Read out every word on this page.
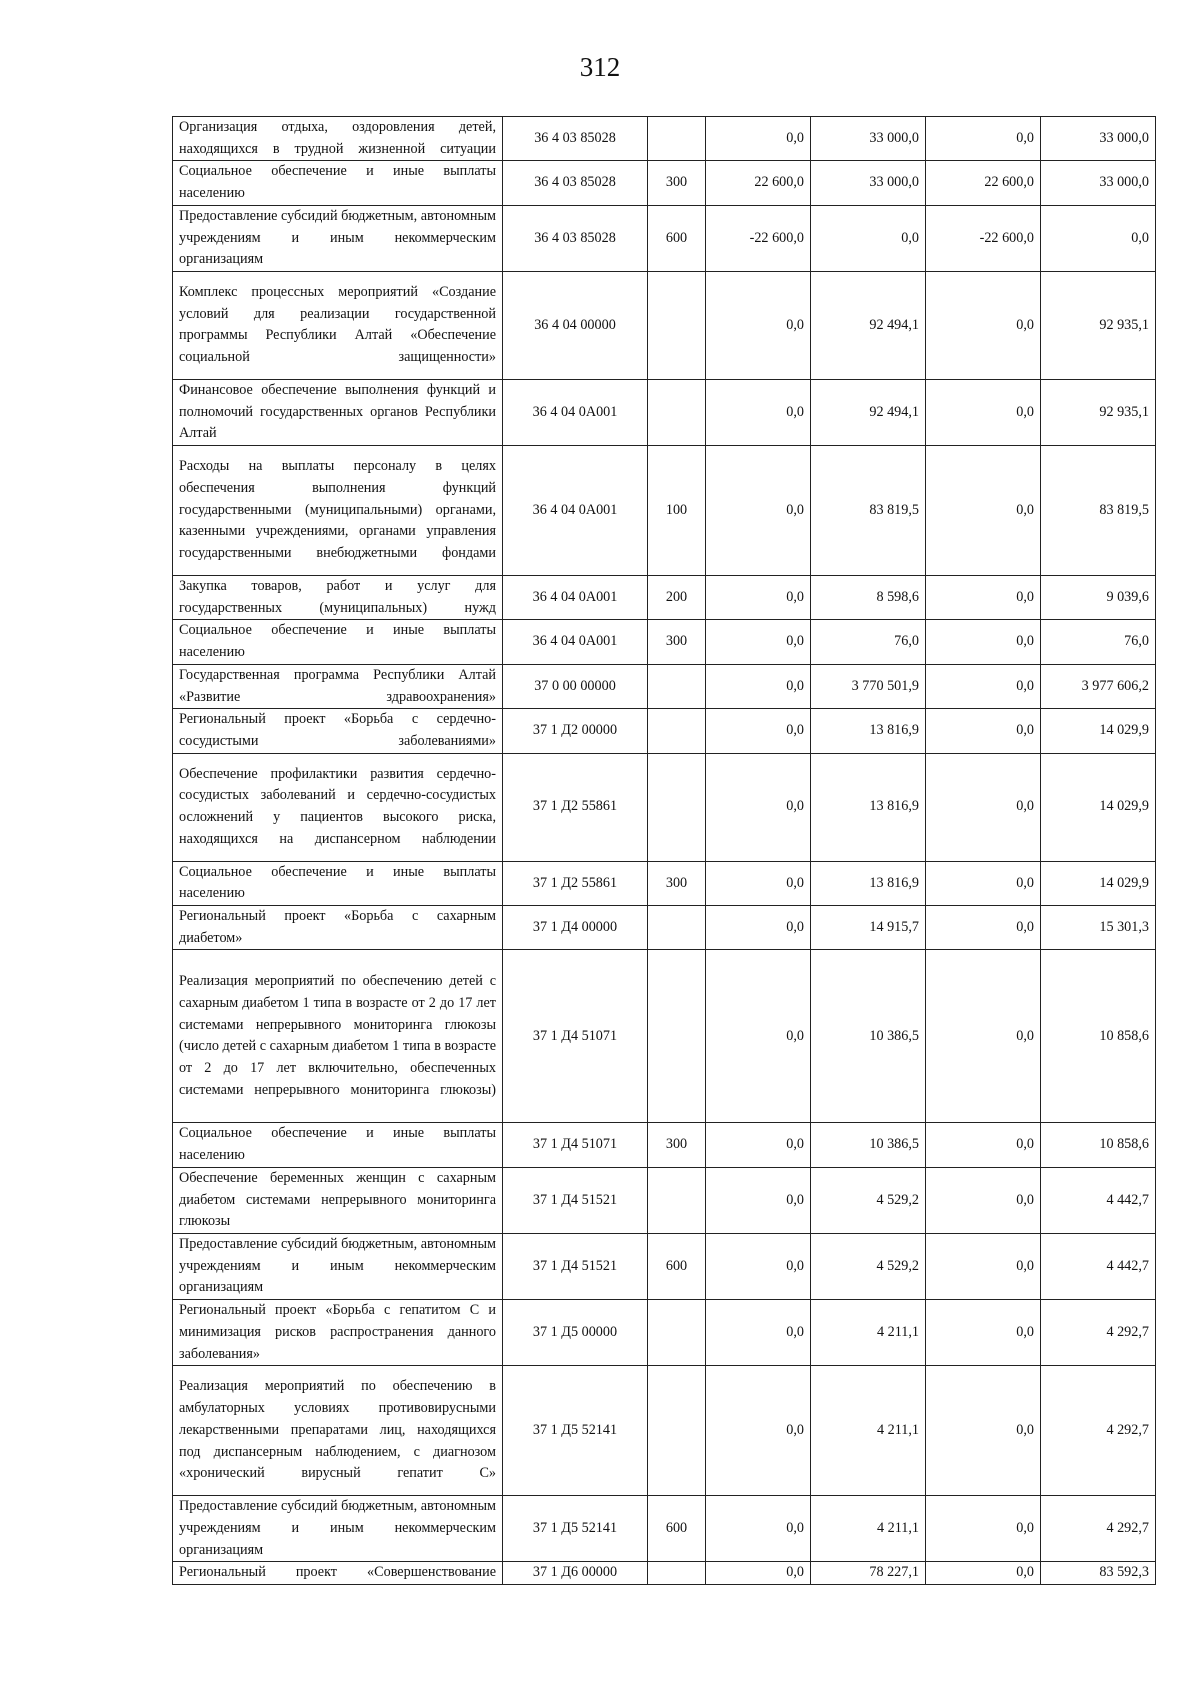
312
Организация отдыха, оздоровления детей, находящихся в трудной жизненной ситуации	36 4 03 85028		0,0	33 000,0	0,0	33 000,0
Социальное обеспечение и иные выплаты населению	36 4 03 85028	300	22 600,0	33 000,0	22 600,0	33 000,0
Предоставление субсидий бюджетным, автономным учреждениям и иным некоммерческим организациям	36 4 03 85028	600	-22 600,0	0,0	-22 600,0	0,0
Комплекс процессных мероприятий «Создание условий для реализации государственной программы Республики Алтай «Обеспечение социальной защищенности»	36 4 04 00000		0,0	92 494,1	0,0	92 935,1
Финансовое обеспечение выполнения функций и полномочий государственных органов Республики Алтай	36 4 04 0А001		0,0	92 494,1	0,0	92 935,1
Расходы на выплаты персоналу в целях обеспечения выполнения функций государственными (муниципальными) органами, казенными учреждениями, органами управления государственными внебюджетными фондами	36 4 04 0А001	100	0,0	83 819,5	0,0	83 819,5
Закупка товаров, работ и услуг для государственных (муниципальных) нужд	36 4 04 0А001	200	0,0	8 598,6	0,0	9 039,6
Социальное обеспечение и иные выплаты населению	36 4 04 0А001	300	0,0	76,0	0,0	76,0
Государственная программа Республики Алтай «Развитие здравоохранения»	37 0 00 00000		0,0	3 770 501,9	0,0	3 977 606,2
Региональный проект «Борьба с сердечно-сосудистыми заболеваниями»	37 1 Д2 00000		0,0	13 816,9	0,0	14 029,9
Обеспечение профилактики развития сердечно-сосудистых заболеваний и сердечно-сосудистых осложнений у пациентов высокого риска, находящихся на диспансерном наблюдении	37 1 Д2 55861		0,0	13 816,9	0,0	14 029,9
Социальное обеспечение и иные выплаты населению	37 1 Д2 55861	300	0,0	13 816,9	0,0	14 029,9
Региональный проект «Борьба с сахарным диабетом»	37 1 Д4 00000		0,0	14 915,7	0,0	15 301,3
Реализация мероприятий по обеспечению детей с сахарным диабетом 1 типа в возрасте от 2 до 17 лет системами непрерывного мониторинга глюкозы (число детей с сахарным диабетом 1 типа в возрасте от 2 до 17 лет включительно, обеспеченных системами непрерывного мониторинга глюкозы)	37 1 Д4 51071		0,0	10 386,5	0,0	10 858,6
Социальное обеспечение и иные выплаты населению	37 1 Д4 51071	300	0,0	10 386,5	0,0	10 858,6
Обеспечение беременных женщин с сахарным диабетом системами непрерывного мониторинга глюкозы	37 1 Д4 51521		0,0	4 529,2	0,0	4 442,7
Предоставление субсидий бюджетным, автономным учреждениям и иным некоммерческим организациям	37 1 Д4 51521	600	0,0	4 529,2	0,0	4 442,7
Региональный проект «Борьба с гепатитом С и минимизация рисков распространения данного заболевания»	37 1 Д5 00000		0,0	4 211,1	0,0	4 292,7
Реализация мероприятий по обеспечению в амбулаторных условиях противовирусными лекарственными препаратами лиц, находящихся под диспансерным наблюдением, с диагнозом «хронический вирусный гепатит С»	37 1 Д5 52141		0,0	4 211,1	0,0	4 292,7
Предоставление субсидий бюджетным, автономным учреждениям и иным некоммерческим организациям	37 1 Д5 52141	600	0,0	4 211,1	0,0	4 292,7
Региональный проект «Совершенствование	37 1 Д6 00000		0,0	78 227,1	0,0	83 592,3
